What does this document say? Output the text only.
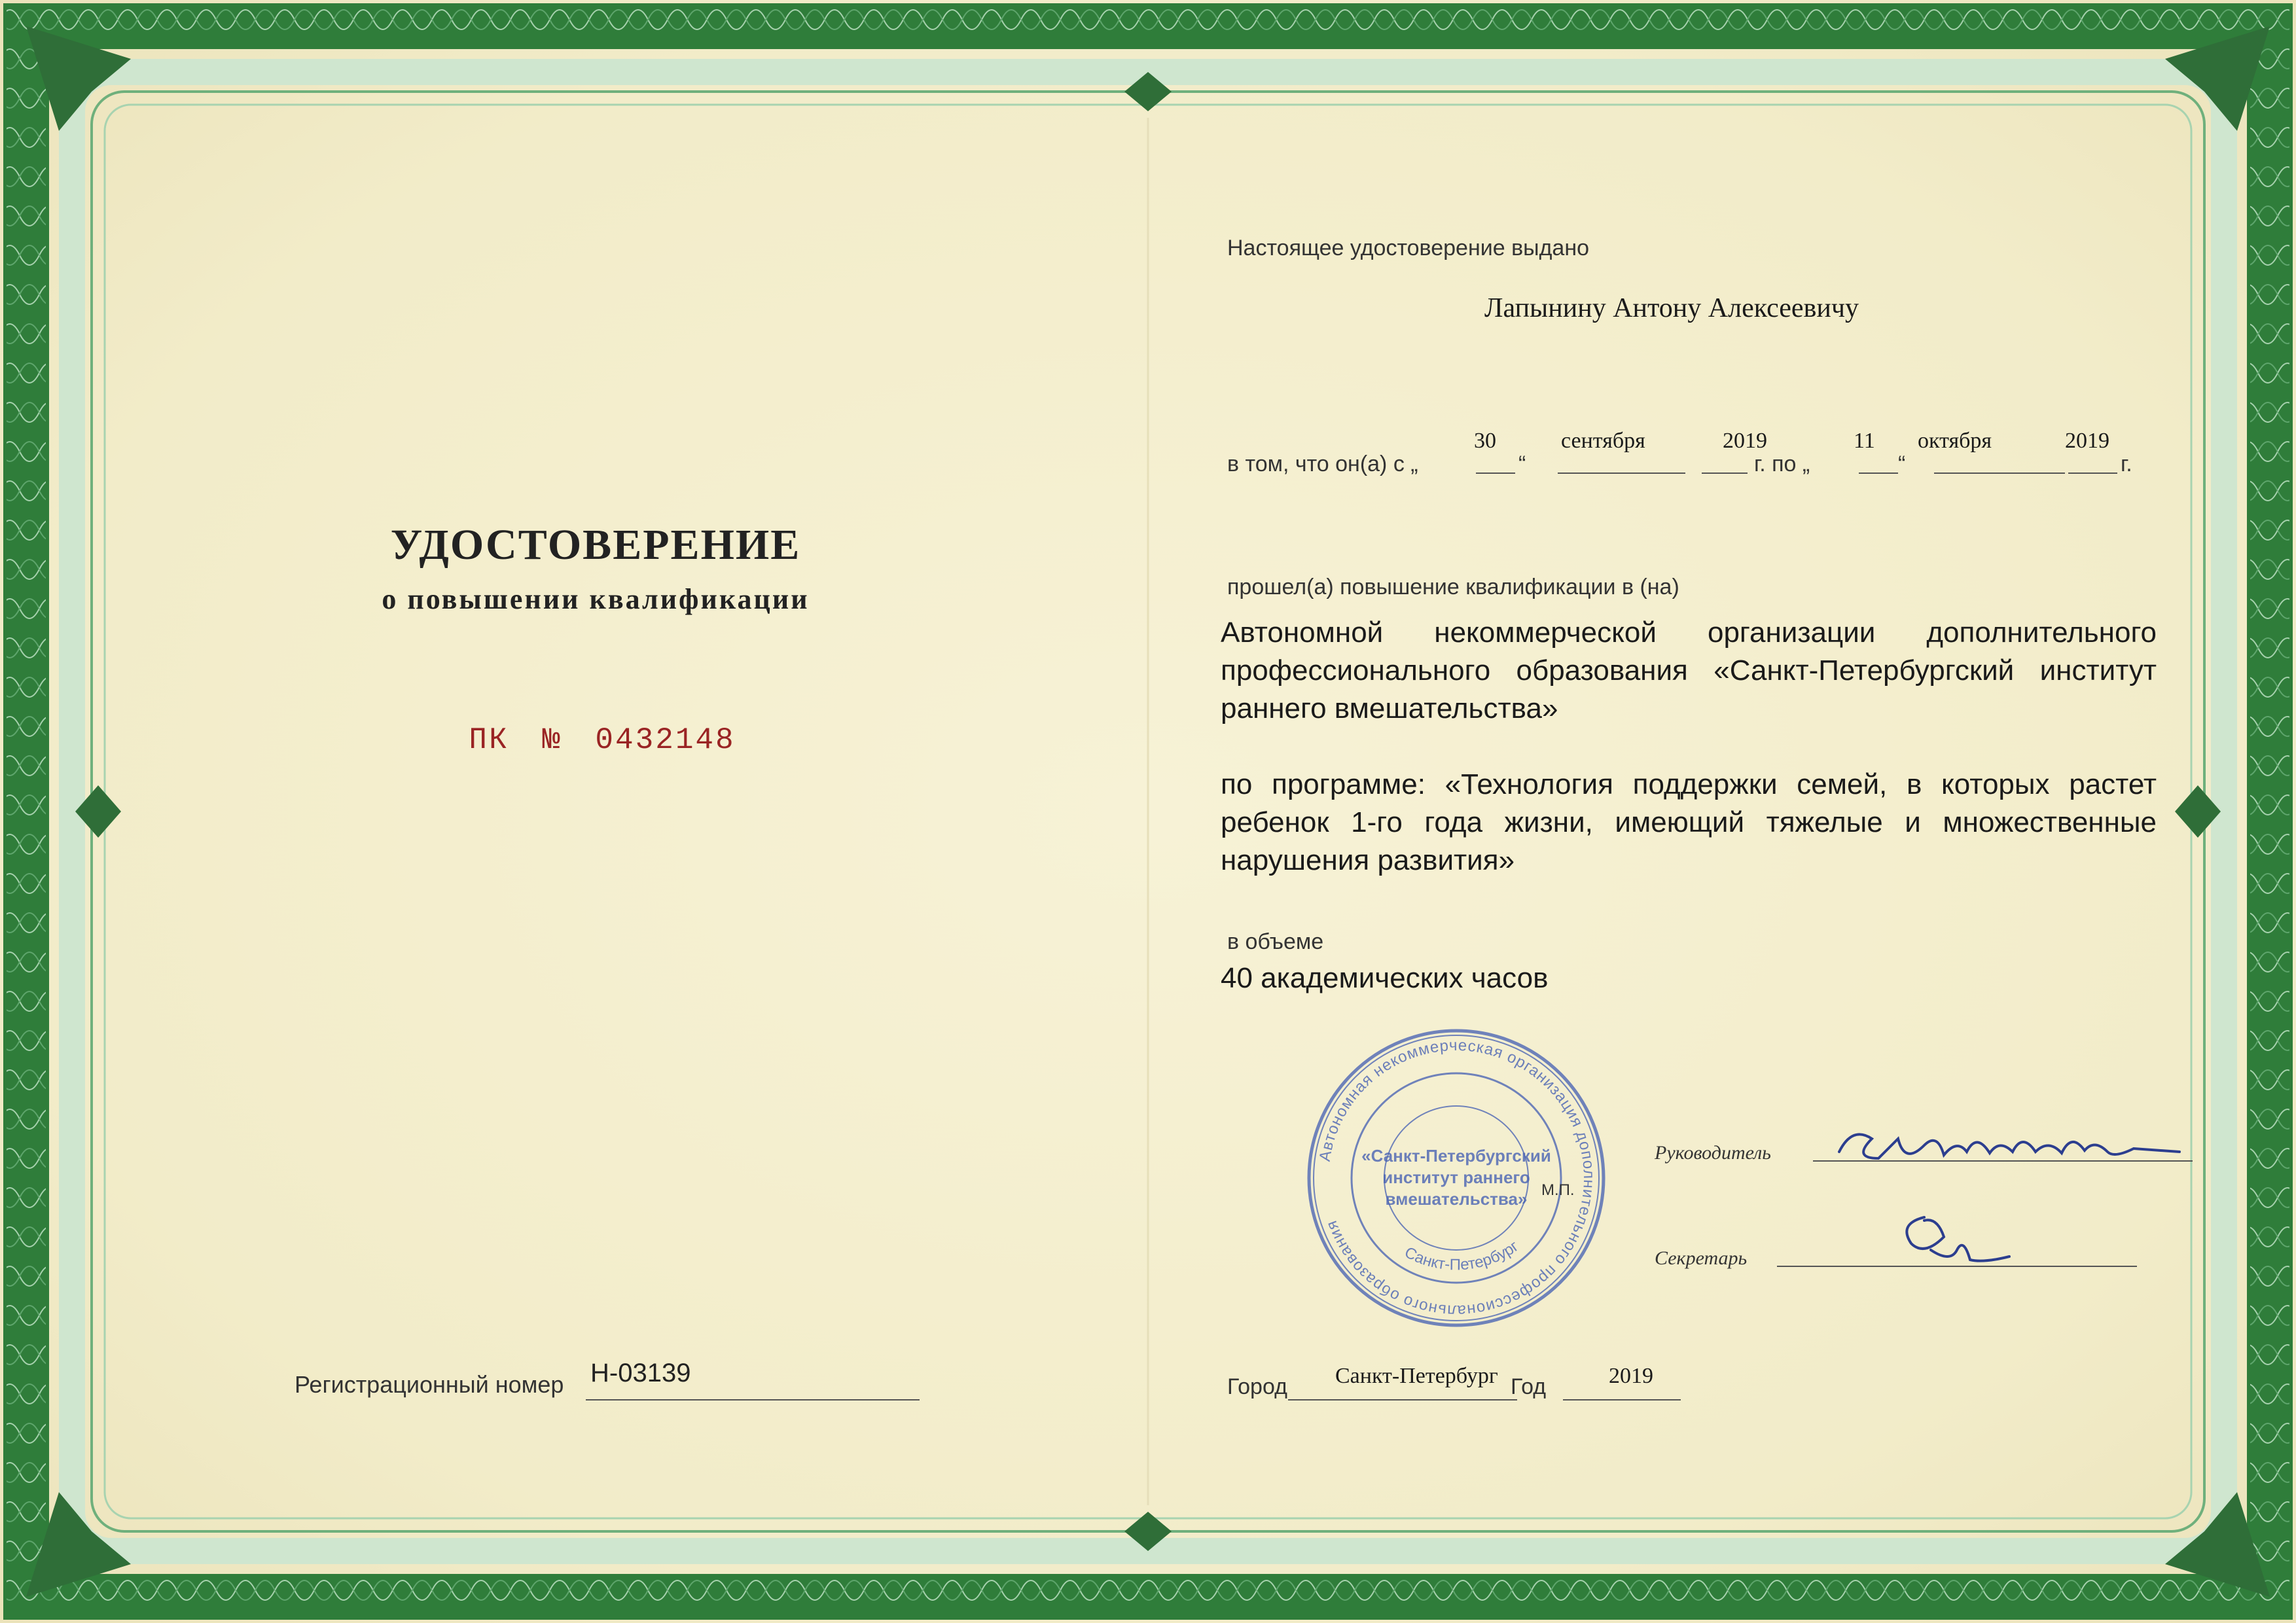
УДОСТОВЕРЕНИЕ
о повышении квалификации
ПК № 0432148
Регистрационный номер Н-03139
Настоящее удостоверение выдано
Лапынину Антону Алексеевичу
в том, что он(а) с „
30
“
сентября	2019
г. по „
11
“
октября	2019
г.
прошел(а) повышение квалификации в (на)
Автономной некоммерческой организации дополнительного профессионального образования «Санкт-Петербургский институт раннего вмешательства»
по программе: «Технология поддержки семей, в которых растет ребенок 1-го года жизни, имеющий тяжелые и множественные нарушения развития»
в объеме
40 академических часов
Автономная некоммерческая организация дополнительного профессионального образования
«Санкт-Петербургский
институт раннего
вмешательства»
Санкт-Петербург
М.П.
Руководитель
Секретарь
Город Санкт-Петербург Год	2019
